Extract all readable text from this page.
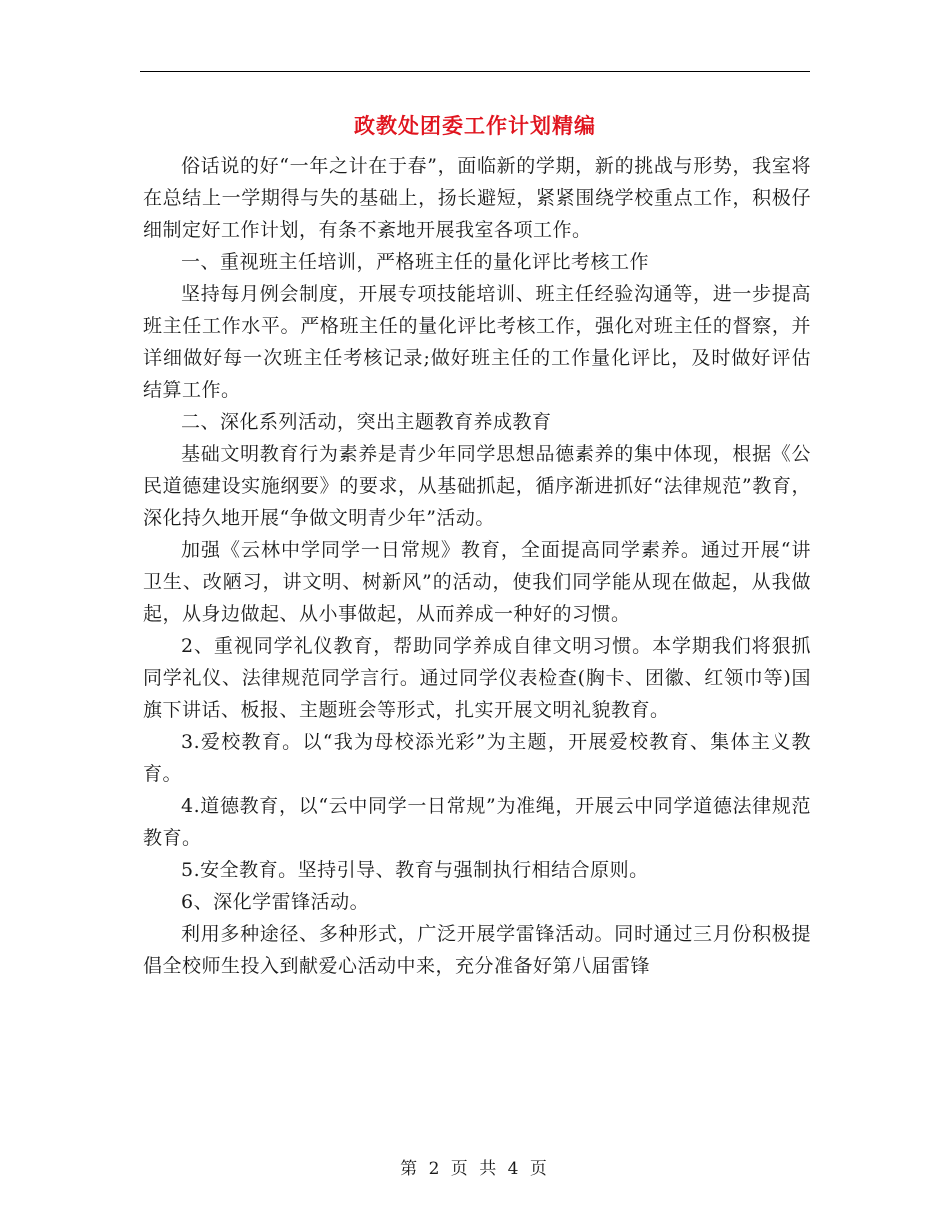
政教处团委工作计划精编

俗话说的好“一年之计在于春”，面临新的学期，新的挑战与形势，我室将在总结上一学期得与失的基础上，扬长避短，紧紧围绕学校重点工作，积极仔细制定好工作计划，有条不紊地开展我室各项工作。

一、重视班主任培训，严格班主任的量化评比考核工作

坚持每月例会制度，开展专项技能培训、班主任经验沟通等，进一步提高班主任工作水平。严格班主任的量化评比考核工作，强化对班主任的督察，并详细做好每一次班主任考核记录;做好班主任的工作量化评比，及时做好评估结算工作。

二、深化系列活动，突出主题教育养成教育

基础文明教育行为素养是青少年同学思想品德素养的集中体现，根据《公民道德建设实施纲要》的要求，从基础抓起，循序渐进抓好“法律规范”教育，深化持久地开展“争做文明青少年”活动。

加强《云林中学同学一日常规》教育，全面提高同学素养。通过开展“讲卫生、改陋习，讲文明、树新风”的活动，使我们同学能从现在做起，从我做起，从身边做起、从小事做起，从而养成一种好的习惯。

2、重视同学礼仪教育，帮助同学养成自律文明习惯。本学期我们将狠抓同学礼仪、法律规范同学言行。通过同学仪表检查(胸卡、团徽、红领巾等)国旗下讲话、板报、主题班会等形式，扎实开展文明礼貌教育。

3.爱校教育。以“我为母校添光彩”为主题，开展爱校教育、集体主义教育。

4.道德教育，以“云中同学一日常规”为准绳，开展云中同学道德法律规范教育。

5.安全教育。坚持引导、教育与强制执行相结合原则。

6、深化学雷锋活动。

利用多种途径、多种形式，广泛开展学雷锋活动。同时通过三月份积极提倡全校师生投入到献爱心活动中来，充分准备好第八届雷锋

第 2 页 共 4 页
